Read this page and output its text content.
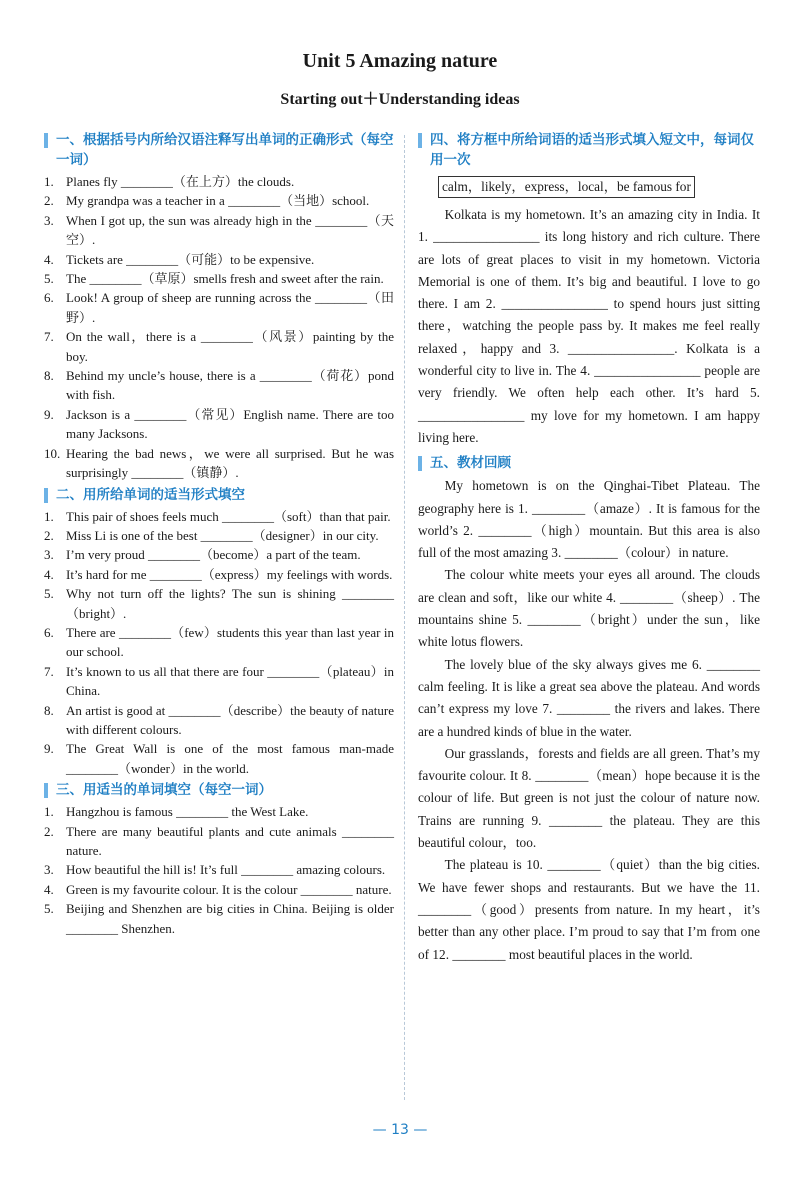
Unit 5 Amazing nature
Starting out＋Understanding ideas
一、根据括号内所给汉语注释写出单词的正确形式（每空一词）
1. Planes fly ________（在上方）the clouds.
2. My grandpa was a teacher in a ________（当地）school.
3. When I got up, the sun was already high in the ________（天空）.
4. Tickets are ________（可能）to be expensive.
5. The ________（草原）smells fresh and sweet after the rain.
6. Look! A group of sheep are running across the ________（田野）.
7. On the wall，there is a ________（风景）painting by the boy.
8. Behind my uncle’s house, there is a ________（荷花）pond with fish.
9. Jackson is a ________（常见）English name. There are too many Jacksons.
10. Hearing the bad news，we were all surprised. But he was surprisingly ________（镇静）.
二、用所给单词的适当形式填空
1. This pair of shoes feels much ________（soft）than that pair.
2. Miss Li is one of the best ________（designer）in our city.
3. I’m very proud ________（become）a part of the team.
4. It’s hard for me ________（express）my feelings with words.
5. Why not turn off the lights? The sun is shining ________（bright）.
6. There are ________（few）students this year than last year in our school.
7. It’s known to us all that there are four ________（plateau）in China.
8. An artist is good at ________（describe）the beauty of nature with different colours.
9. The Great Wall is one of the most famous man-made ________（wonder）in the world.
三、用适当的单词填空（每空一词）
1. Hangzhou is famous ________ the West Lake.
2. There are many beautiful plants and cute animals ________ nature.
3. How beautiful the hill is! It’s full ________ amazing colours.
4. Green is my favourite colour. It is the colour ________ nature.
5. Beijing and Shenzhen are big cities in China. Beijing is older ________ Shenzhen.
四、将方框中所给词语的适当形式填入短文中，每词仅用一次
calm，likely，express，local，be famous for

Kolkata is my hometown. It’s an amazing city in India. It 1. ________________ its long history and rich culture. There are lots of great places to visit in my hometown. Victoria Memorial is one of them. It’s big and beautiful. I love to go there. I am 2. ________________ to spend hours just sitting there，watching the people pass by. It makes me feel really relaxed，happy and 3. ________________. Kolkata is a wonderful city to live in. The 4. ________________ people are very friendly. We often help each other. It’s hard 5. ________________ my love for my hometown. I am happy living here.

五、教材回顾

My hometown is on the Qinghai-Tibet Plateau. The geography here is 1. ________（amaze）. It is famous for the world’s 2. ________（high）mountain. But this area is also full of the most amazing 3. ________（colour）in nature.

The colour white meets your eyes all around. The clouds are clean and soft，like our white 4. ________（sheep）. The mountains shine 5. ________（bright）under the sun，like white lotus flowers.

The lovely blue of the sky always gives me 6. ________ calm feeling. It is like a great sea above the plateau. And words can’t express my love 7. ________ the rivers and lakes. There are a hundred kinds of blue in the water.

Our grasslands，forests and fields are all green. That’s my favourite colour. It 8. ________（mean）hope because it is the colour of life. But green is not just the colour of nature now. Trains are running 9. ________ the plateau. They are this beautiful colour，too.

The plateau is 10. ________（quiet）than the big cities. We have fewer shops and restaurants. But we have the 11. ________（good）presents from nature. In my heart，it’s better than any other place. I’m proud to say that I’m from one of 12. ________ most beautiful places in the world.

— 13 —
